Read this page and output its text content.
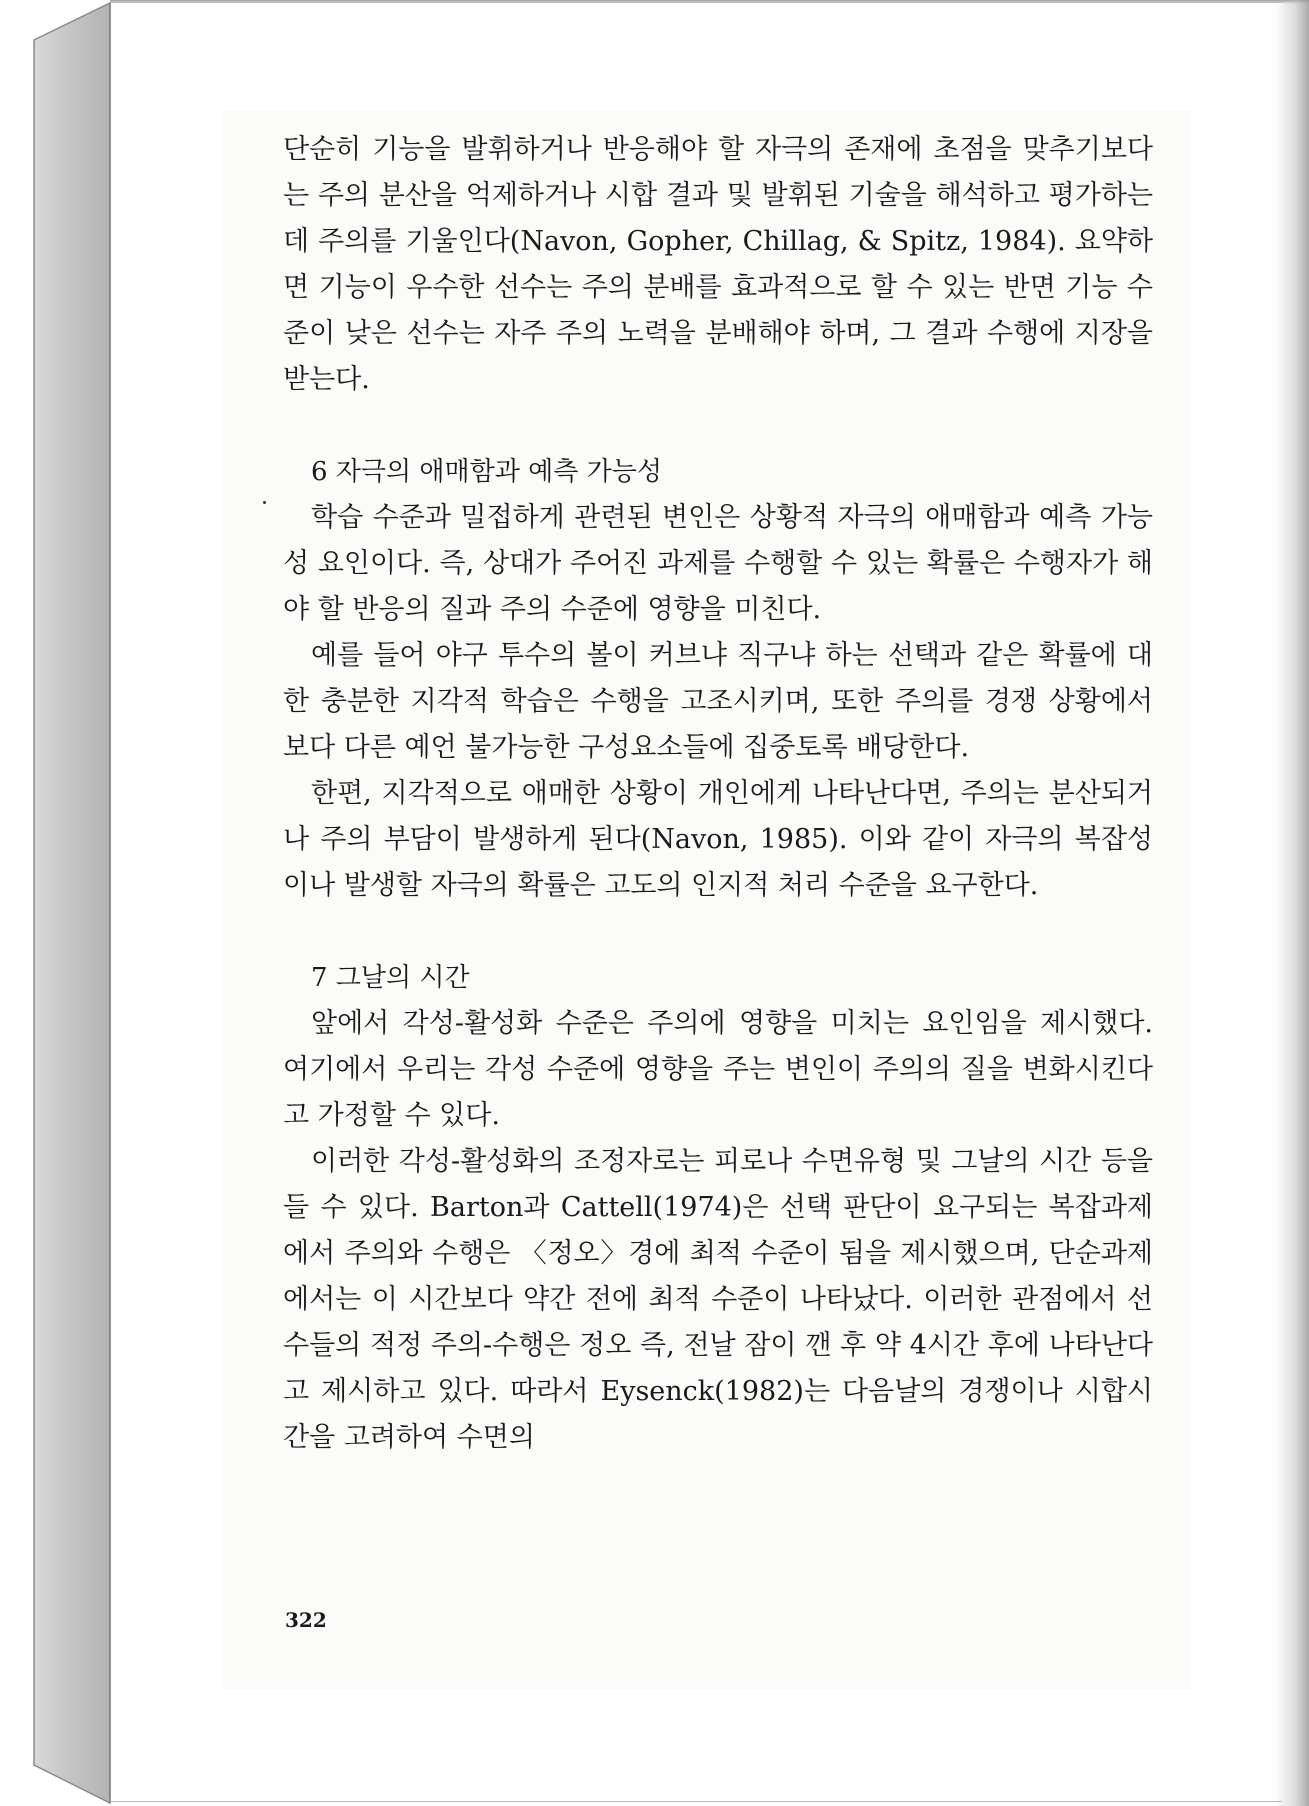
단순히 기능을 발휘하거나 반응해야 할 자극의 존재에 초점을 맞추기보다는 주의 분산을 억제하거나 시합 결과 및 발휘된 기술을 해석하고 평가하는 데 주의를 기울인다(Navon, Gopher, Chillag, & Spitz, 1984). 요약하면 기능이 우수한 선수는 주의 분배를 효과적으로 할 수 있는 반면 기능 수준이 낮은 선수는 자주 주의 노력을 분배해야 하며, 그 결과 수행에 지장을 받는다.

6 자극의 애매함과 예측 가능성

학습 수준과 밀접하게 관련된 변인은 상황적 자극의 애매함과 예측 가능성 요인이다. 즉, 상대가 주어진 과제를 수행할 수 있는 확률은 수행자가 해야 할 반응의 질과 주의 수준에 영향을 미친다.

예를 들어 야구 투수의 볼이 커브냐 직구냐 하는 선택과 같은 확률에 대한 충분한 지각적 학습은 수행을 고조시키며, 또한 주의를 경쟁 상황에서 보다 다른 예언 불가능한 구성요소들에 집중토록 배당한다.

한편, 지각적으로 애매한 상황이 개인에게 나타난다면, 주의는 분산되거나 주의 부담이 발생하게 된다(Navon, 1985). 이와 같이 자극의 복잡성이나 발생할 자극의 확률은 고도의 인지적 처리 수준을 요구한다.

7 그날의 시간

앞에서 각성-활성화 수준은 주의에 영향을 미치는 요인임을 제시했다. 여기에서 우리는 각성 수준에 영향을 주는 변인이 주의의 질을 변화시킨다고 가정할 수 있다.

이러한 각성-활성화의 조정자로는 피로나 수면유형 및 그날의 시간 등을 들 수 있다. Barton과 Cattell(1974)은 선택 판단이 요구되는 복잡과제에서 주의와 수행은 〈정오〉경에 최적 수준이 됨을 제시했으며, 단순과제에서는 이 시간보다 약간 전에 최적 수준이 나타났다. 이러한 관점에서 선수들의 적정 주의-수행은 정오 즉, 전날 잠이 깬 후 약 4시간 후에 나타난다고 제시하고 있다. 따라서 Eysenck(1982)는 다음날의 경쟁이나 시합시간을 고려하여 수면의

322
